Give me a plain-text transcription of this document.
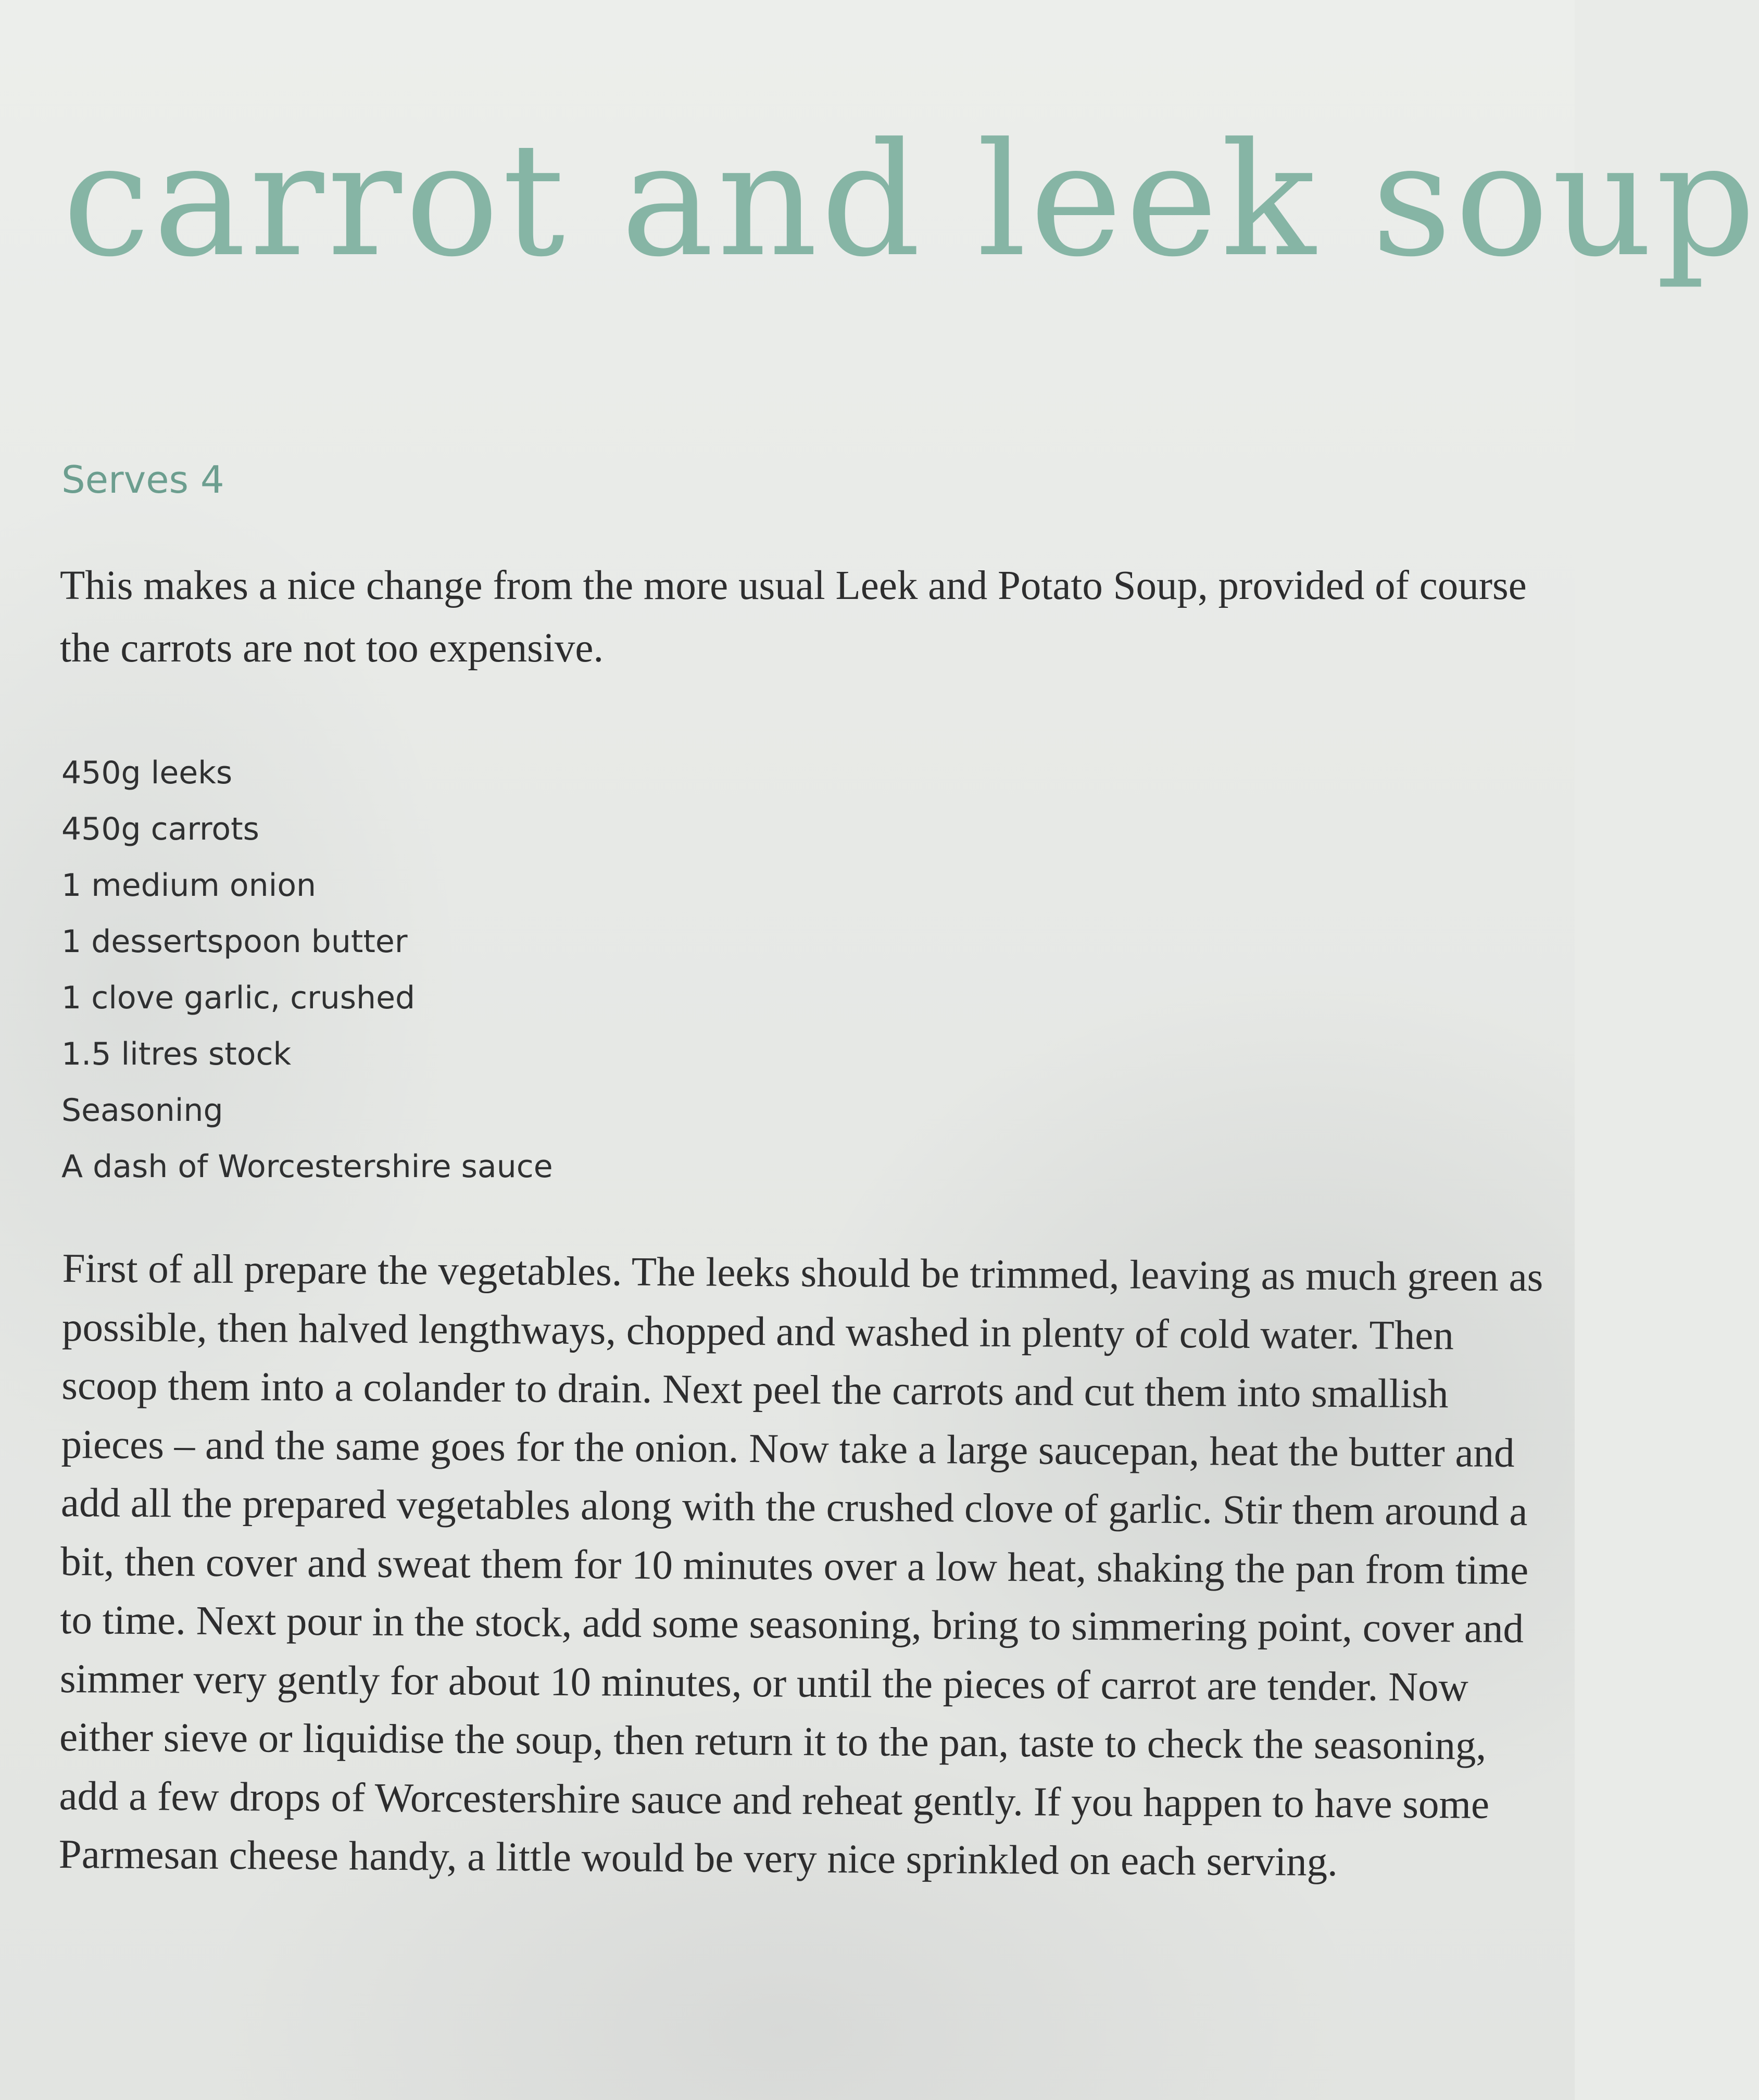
carrot and leek soup

Serves 4

This makes a nice change from the more usual Leek and Potato Soup, provided of course the carrots are not too expensive.

450g leeks
450g carrots
1 medium onion
1 dessertspoon butter
1 clove garlic, crushed
1.5 litres stock
Seasoning
A dash of Worcestershire sauce

First of all prepare the vegetables. The leeks should be trimmed, leaving as much green as possible, then halved lengthways, chopped and washed in plenty of cold water. Then scoop them into a colander to drain. Next peel the carrots and cut them into smallish pieces – and the same goes for the onion. Now take a large saucepan, heat the butter and add all the prepared vegetables along with the crushed clove of garlic. Stir them around a bit, then cover and sweat them for 10 minutes over a low heat, shaking the pan from time to time. Next pour in the stock, add some seasoning, bring to simmering point, cover and simmer very gently for about 10 minutes, or until the pieces of carrot are tender. Now either sieve or liquidise the soup, then return it to the pan, taste to check the seasoning, add a few drops of Worcestershire sauce and reheat gently. If you happen to have some Parmesan cheese handy, a little would be very nice sprinkled on each serving.
